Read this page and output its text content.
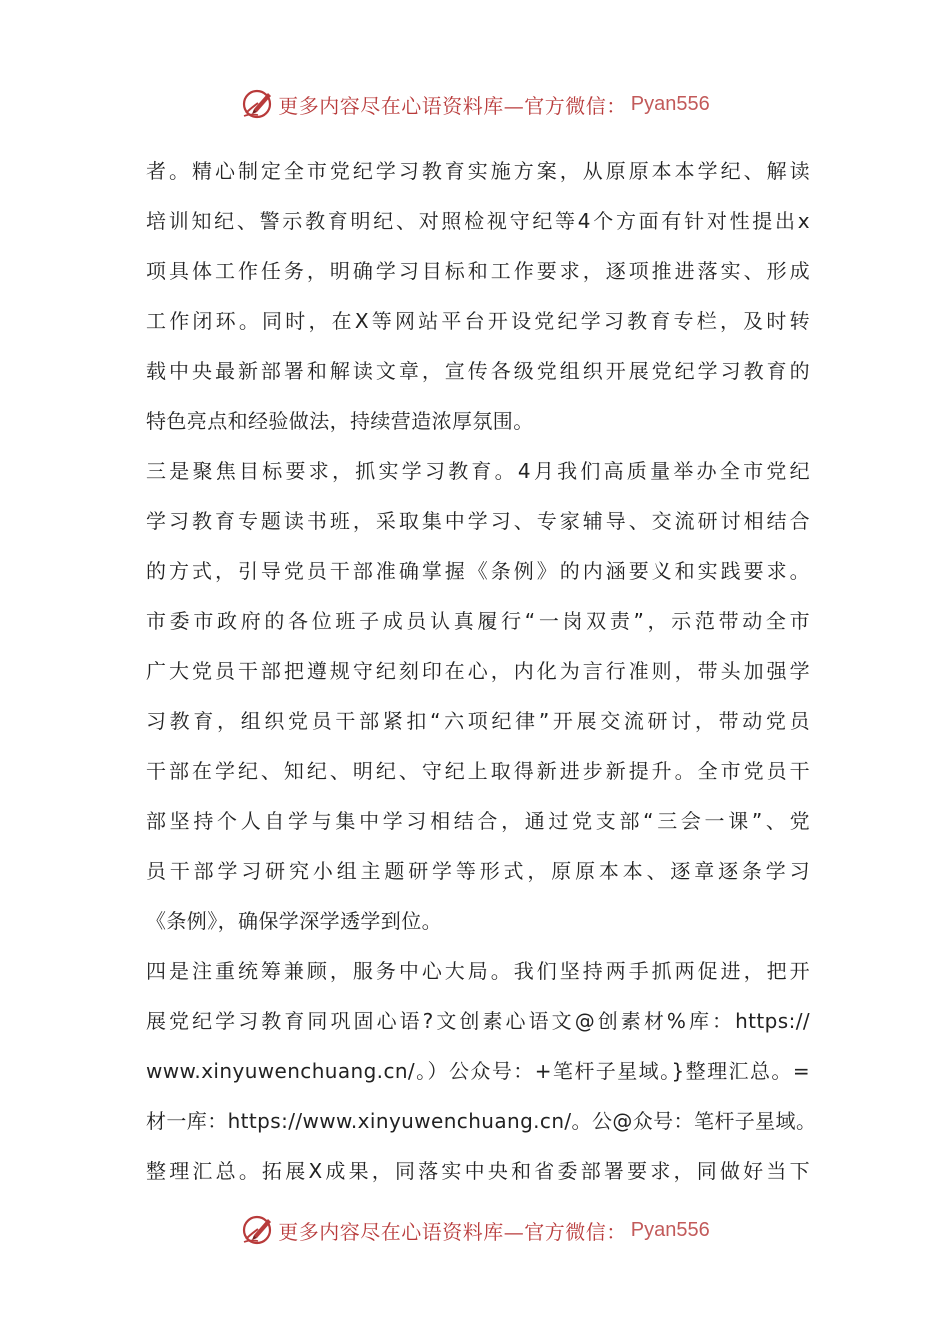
更多内容尽在心语资料库—官方微信： Pyan556
者。精心制定全市党纪学习教育实施方案，从原原本本学纪、解读
培训知纪、警示教育明纪、对照检视守纪等4个方面有针对性提出x
项具体工作任务，明确学习目标和工作要求，逐项推进落实、形成
工作闭环。同时，在X等网站平台开设党纪学习教育专栏，及时转
载中央最新部署和解读文章，宣传各级党组织开展党纪学习教育的
特色亮点和经验做法，持续营造浓厚氛围。
三是聚焦目标要求，抓实学习教育。4月我们高质量举办全市党纪
学习教育专题读书班，采取集中学习、专家辅导、交流研讨相结合
的方式，引导党员干部准确掌握《条例》的内涵要义和实践要求。
市委市政府的各位班子成员认真履行“一岗双责”，示范带动全市
广大党员干部把遵规守纪刻印在心，内化为言行准则，带头加强学
习教育，组织党员干部紧扣“六项纪律”开展交流研讨，带动党员
干部在学纪、知纪、明纪、守纪上取得新进步新提升。全市党员干
部坚持个人自学与集中学习相结合，通过党支部“三会一课”、党
员干部学习研究小组主题研学等形式，原原本本、逐章逐条学习
《条例》，确保学深学透学到位。
四是注重统筹兼顾，服务中心大局。我们坚持两手抓两促进，把开
展党纪学习教育同巩固心语?文创素心语文@创素材%库：https://
www.xinyuwenchuang.cn/。）公众号：+笔杆子星域。}整理汇总。=
材一库：https://www.xinyuwenchuang.cn/。公@众号：笔杆子星域。
整理汇总。拓展X成果，同落实中央和省委部署要求，同做好当下
更多内容尽在心语资料库—官方微信： Pyan556
